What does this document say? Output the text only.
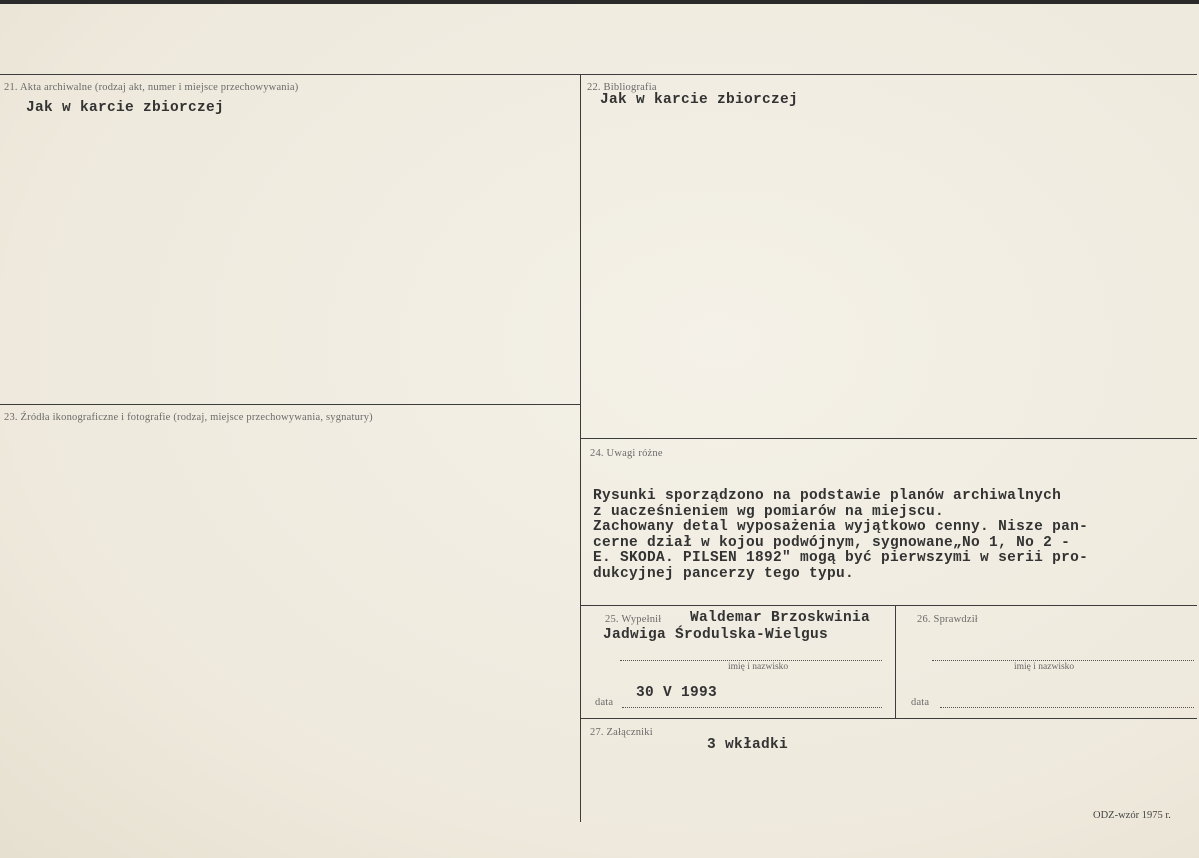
21. Akta archiwalne (rodzaj akt, numer i miejsce przechowywania)
Jak w karcie zbiorczej
22. Bibliografia
Jak w karcie zbiorczej
23. Źródła ikonograficzne i fotografie (rodzaj, miejsce przechowywania, sygnatury)
24. Uwagi różne

Rysunki sporządzono na podstawie planów archiwalnych
z uacześnieniem wg pomiarów na miejscu.
Zachowany detal wyposażenia wyjątkowo cenny. Nisze pan-
cerne dział w kojou podwójnym, sygnowane„No 1, No 2 -
E. SKODA. PILSEN 1892" mogą być pierwszymi w serii pro-
dukcyjnej pancerzy tego typu.

25. Wypełnił Waldemar Brzoskwinia
Jadwiga Środulska-Wielgus
imię i nazwisko
data
30 V 1993
26. Sprawdził
imię i nazwisko
data
27. Załączniki
3 wkładki
ODZ-wzór 1975 r.
